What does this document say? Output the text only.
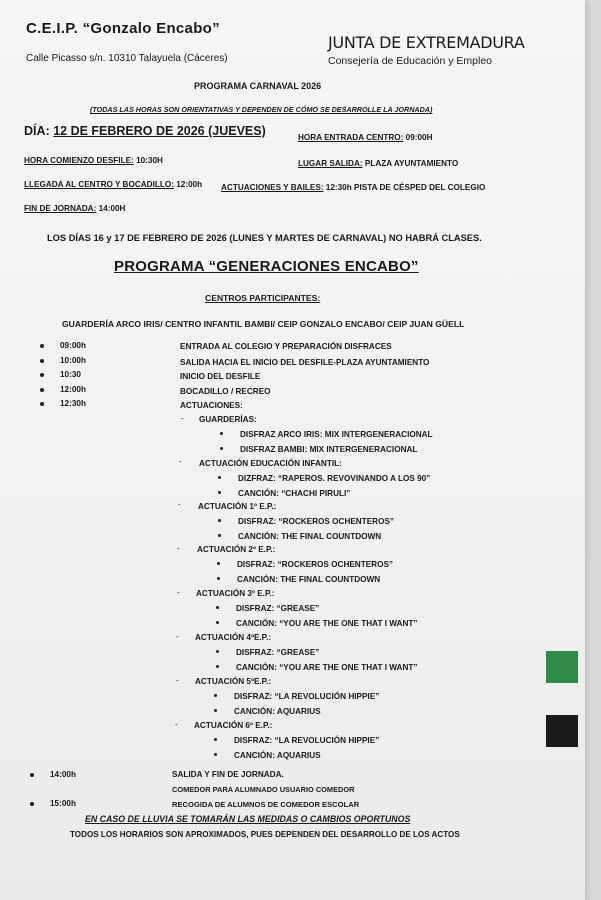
C.E.I.P. “Gonzalo Encabo”
Calle Picasso s/n. 10310 Talayuela (Cáceres)
JUNTA DE EXTREMADURA
Consejería de Educación y Empleo
PROGRAMA CARNAVAL 2026
(TODAS LAS HORAS SON ORIENTATIVAS Y DEPENDEN DE CÓMO SE DESARROLLE LA JORNADA)
DÍA: 12 DE FEBRERO DE 2026 (JUEVES)	HORA ENTRADA CENTRO: 09:00H
HORA COMIENZO DESFILE: 10:30H	LUGAR SALIDA: PLAZA AYUNTAMIENTO
LLEGADA AL CENTRO Y BOCADILLO: 12:00h ACTUACIONES Y BAILES: 12:30h PISTA DE CÉSPED DEL COLEGIO
FIN DE JORNADA: 14:00H
LOS DÍAS 16 y 17 DE FEBRERO DE 2026 (LUNES Y MARTES DE CARNAVAL) NO HABRÁ CLASES.
PROGRAMA “GENERACIONES ENCABO”
CENTROS PARTICIPANTES:
GUARDERÍA ARCO IRIS/ CENTRO INFANTIL BAMBI/ CEIP GONZALO ENCABO/ CEIP JUAN GÜELL
09:00h	ENTRADA AL COLEGIO Y PREPARACIÓN DISFRACES
10:00h	SALIDA HACIA EL INICIO DEL DESFILE-PLAZA AYUNTAMIENTO
10:30	INICIO DEL DESFILE
12:00h	BOCADILLO / RECREO
12:30h	ACTUACIONES:
- GUARDERÍAS:
DISFRAZ ARCO IRIS: MIX INTERGENERACIONAL
DISFRAZ BAMBI: MIX INTERGENERACIONAL
- ACTUACIÓN EDUCACIÓN INFANTIL:
DIZFRAZ: “RAPEROS. REVOVINANDO A LOS 90”
CANCIÓN: “CHACHI PIRULI”
- ACTUACIÓN 1º E.P.:
DISFRAZ: “ROCKEROS OCHENTEROS”
CANCIÓN: THE FINAL COUNTDOWN
- ACTUACIÓN 2º E.P.:
DISFRAZ: “ROCKEROS OCHENTEROS”
CANCIÓN: THE FINAL COUNTDOWN
- ACTUACIÓN 3º E.P.:
DISFRAZ: “GREASE”
CANCIÓN: “YOU ARE THE ONE THAT I WANT”
- ACTUACIÓN 4ºE.P.:
DISFRAZ: “GREASE”
CANCIÓN: “YOU ARE THE ONE THAT I WANT”
- ACTUACIÓN 5ºE.P.:
DISFRAZ: “LA REVOLUCIÓN HIPPIE”
CANCIÓN: AQUARIUS
- ACTUACIÓN 6º E.P.:
DISFRAZ: “LA REVOLUCIÓN HIPPIE”
CANCIÓN: AQUARIUS
14:00h	SALIDA Y FIN DE JORNADA.
COMEDOR PARA ALUMNADO USUARIO COMEDOR
15:00h	RECOGIDA DE ALUMNOS DE COMEDOR ESCOLAR
EN CASO DE LLUVIA SE TOMARÁN LAS MEDIDAS O CAMBIOS OPORTUNOS
TODOS LOS HORARIOS SON APROXIMADOS, PUES DEPENDEN DEL DESARROLLO DE LOS ACTOS
